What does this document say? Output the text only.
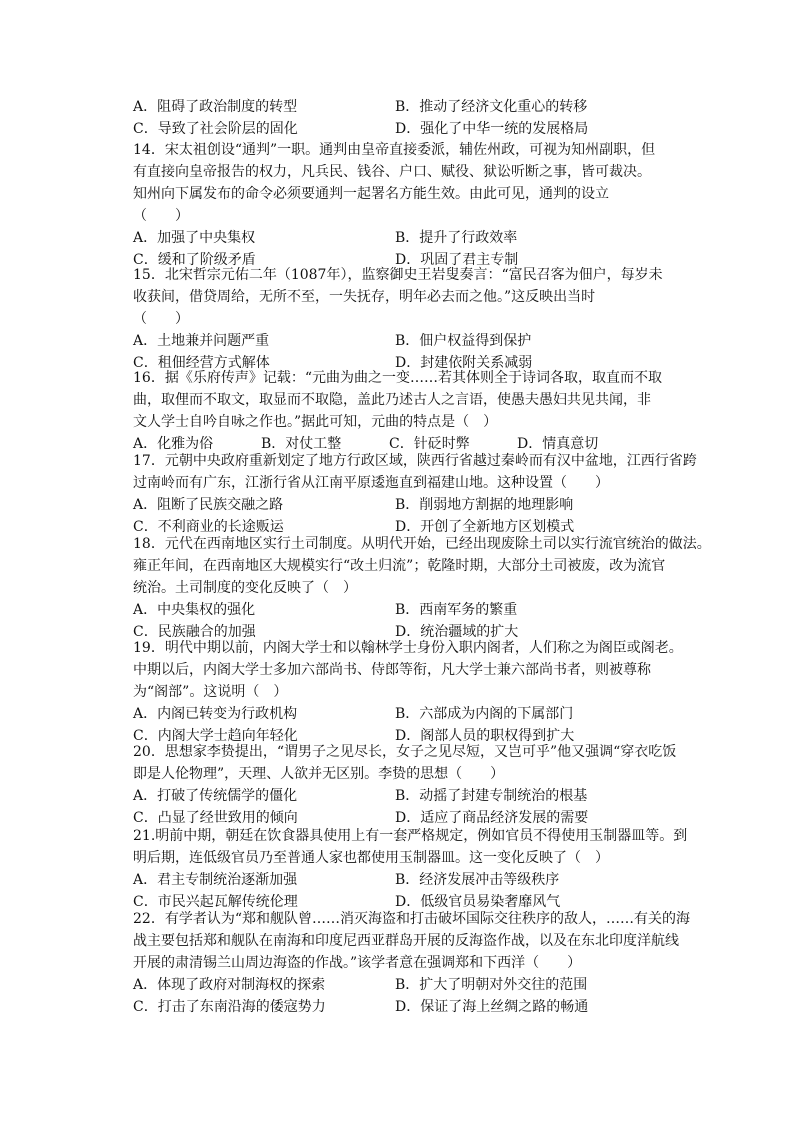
A．阻碍了政治制度的转型	B．推动了经济文化重心的转移
C．导致了社会阶层的固化	D．强化了中华一统的发展格局
14．宋太祖创设“通判”一职。通判由皇帝直接委派，辅佐州政，可视为知州副职，但
有直接向皇帝报告的权力，凡兵民、钱谷、户口、赋役、狱讼听断之事，皆可裁决。
知州向下属发布的命令必须要通判一起署名方能生效。由此可见，通判的设立
（　　）
A．加强了中央集权	B．提升了行政效率
C．缓和了阶级矛盾	D．巩固了君主专制
15．北宋哲宗元佑二年（1087年），监察御史王岩叟奏言：“富民召客为佃户，每岁未
收获间，借贷周给，无所不至，一失抚存，明年必去而之他。”这反映出当时
（　　）
A．土地兼并问题严重	B．佃户权益得到保护
C．租佃经营方式解体	D．封建依附关系减弱
16．据《乐府传声》记载：“元曲为曲之一变……若其体则全于诗词各取，取直而不取
曲，取俚而不取文，取显而不取隐，盖此乃述古人之言语，使愚夫愚妇共见共闻，非
文人学士自吟自咏之作也。”据此可知，元曲的特点是（　）
A．化雅为俗	B．对仗工整	C．针砭时弊	D．情真意切
17．元朝中央政府重新划定了地方行政区域，陕西行省越过秦岭而有汉中盆地，江西行省跨
过南岭而有广东，江浙行省从江南平原逶迤直到福建山地。这种设置（　　）
A．阻断了民族交融之路	B．削弱地方割据的地理影响
C．不利商业的长途贩运	D．开创了全新地方区划模式
18．元代在西南地区实行土司制度。从明代开始，已经出现废除土司以实行流官统治的做法。
雍正年间，在西南地区大规模实行“改土归流”；乾隆时期，大部分土司被废，改为流官
统治。土司制度的变化反映了（　）
A．中央集权的强化	B．西南军务的繁重
C．民族融合的加强	D．统治疆域的扩大
19．明代中期以前，内阁大学士和以翰林学士身份入职内阁者，人们称之为阁臣或阁老。
中期以后，内阁大学士多加六部尚书、侍郎等衔，凡大学士兼六部尚书者，则被尊称
为“阁部”。这说明（　）
A．内阁已转变为行政机构	B．六部成为内阁的下属部门
C．内阁大学士趋向年轻化	D．阁部人员的职权得到扩大
20．思想家李贽提出，“谓男子之见尽长，女子之见尽短，又岂可乎”他又强调“穿衣吃饭
即是人伦物理”，天理、人欲并无区别。李贽的思想（　　）
A．打破了传统儒学的僵化	B．动摇了封建专制统治的根基
C．凸显了经世致用的倾向	D．适应了商品经济发展的需要
21.明前中期，朝廷在饮食器具使用上有一套严格规定，例如官员不得使用玉制器皿等。到
明后期，连低级官员乃至普通人家也都使用玉制器皿。这一变化反映了（　）
A．君主专制统治逐渐加强	B．经济发展冲击等级秩序
C．市民兴起瓦解传统伦理	D．低级官员易染奢靡风气
22．有学者认为“郑和舰队曾……消灭海盗和打击破坏国际交往秩序的敌人，……有关的海
战主要包括郑和舰队在南海和印度尼西亚群岛开展的反海盗作战，以及在东北印度洋航线
开展的肃清锡兰山周边海盗的作战。”该学者意在强调郑和下西洋（　　）
A．体现了政府对制海权的探索	B．扩大了明朝对外交往的范围
C．打击了东南沿海的倭寇势力	D．保证了海上丝绸之路的畅通
